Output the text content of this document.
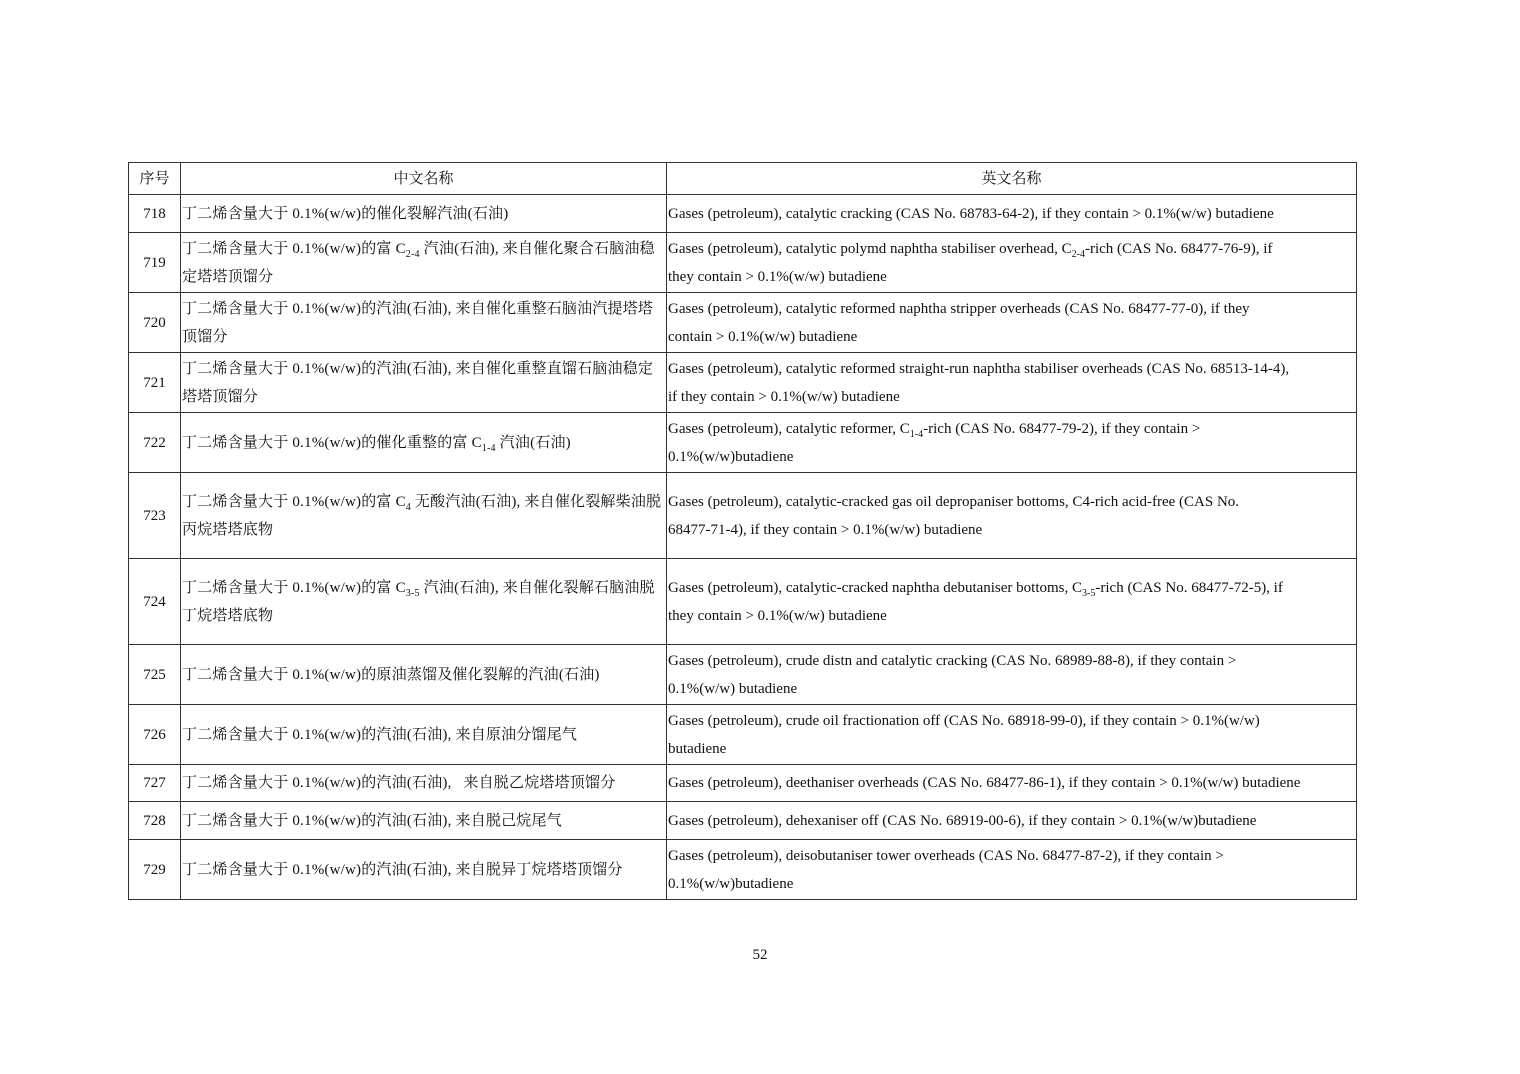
序号	中文名称	英文名称
718	丁二烯含量大于 0.1%(w/w)的催化裂解汽油(石油)	Gases (petroleum), catalytic cracking (CAS No. 68783-64-2), if they contain > 0.1%(w/w) butadiene
719	丁二烯含量大于 0.1%(w/w)的富 $C_{2-4}$ 汽油(石油), 来自催化聚合石脑油稳定塔塔顶馏分	Gases (petroleum), catalytic polymd naphtha stabiliser overhead, $C_{2-4}$-rich (CAS No. 68477-76-9), if
they contain > 0.1%(w/w) butadiene

720	丁二烯含量大于 0.1%(w/w)的汽油(石油), 来自催化重整石脑油汽提塔塔顶馏分	Gases (petroleum), catalytic reformed naphtha stripper overheads (CAS No. 68477-77-0), if they
contain > 0.1%(w/w) butadiene

721	丁二烯含量大于 0.1%(w/w)的汽油(石油), 来自催化重整直馏石脑油稳定塔塔顶馏分	Gases (petroleum), catalytic reformed straight-run naphtha stabiliser overheads (CAS No. 68513-14-4),
if they contain > 0.1%(w/w) butadiene

722	丁二烯含量大于 0.1%(w/w)的催化重整的富 $C_{1-4}$ 汽油(石油)	Gases (petroleum), catalytic reformer, $C_{1-4}$-rich (CAS No. 68477-79-2), if they contain >
0.1%(w/w)butadiene

723	丁二烯含量大于 0.1%(w/w)的富 $C_4$ 无酸汽油(石油), 来自催化裂解柴油脱丙烷塔塔底物	Gases (petroleum), catalytic-cracked gas oil depropaniser bottoms, C4-rich acid-free (CAS No.
68477-71-4), if they contain > 0.1%(w/w) butadiene

724	丁二烯含量大于 0.1%(w/w)的富 $C_{3-5}$ 汽油(石油), 来自催化裂解石脑油脱丁烷塔塔底物	Gases (petroleum), catalytic-cracked naphtha debutaniser bottoms, $C_{3-5}$-rich (CAS No. 68477-72-5), if
they contain > 0.1%(w/w) butadiene

725	丁二烯含量大于 0.1%(w/w)的原油蒸馏及催化裂解的汽油(石油)	Gases (petroleum), crude distn and catalytic cracking (CAS No. 68989-88-8), if they contain >
0.1%(w/w) butadiene

726	丁二烯含量大于 0.1%(w/w)的汽油(石油), 来自原油分馏尾气	Gases (petroleum), crude oil fractionation off (CAS No. 68918-99-0), if they contain > 0.1%(w/w)
butadiene

727	丁二烯含量大于 0.1%(w/w)的汽油(石油),   来自脱乙烷塔塔顶馏分	Gases (petroleum), deethaniser overheads (CAS No. 68477-86-1), if they contain > 0.1%(w/w) butadiene
728	丁二烯含量大于 0.1%(w/w)的汽油(石油), 来自脱己烷尾气	Gases (petroleum), dehexaniser off (CAS No. 68919-00-6), if they contain > 0.1%(w/w)butadiene
729	丁二烯含量大于 0.1%(w/w)的汽油(石油), 来自脱异丁烷塔塔顶馏分	Gases (petroleum), deisobutaniser tower overheads (CAS No. 68477-87-2), if they contain >
0.1%(w/w)butadiene
52
